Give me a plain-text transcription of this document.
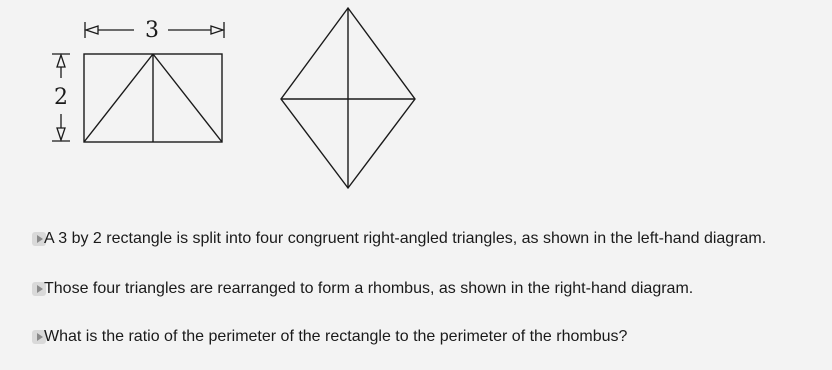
3
2
A 3 by 2 rectangle is split into four congruent right-angled triangles, as shown in the left-hand diagram.
Those four triangles are rearranged to form a rhombus, as shown in the right-hand diagram.
What is the ratio of the perimeter of the rectangle to the perimeter of the rhombus?
